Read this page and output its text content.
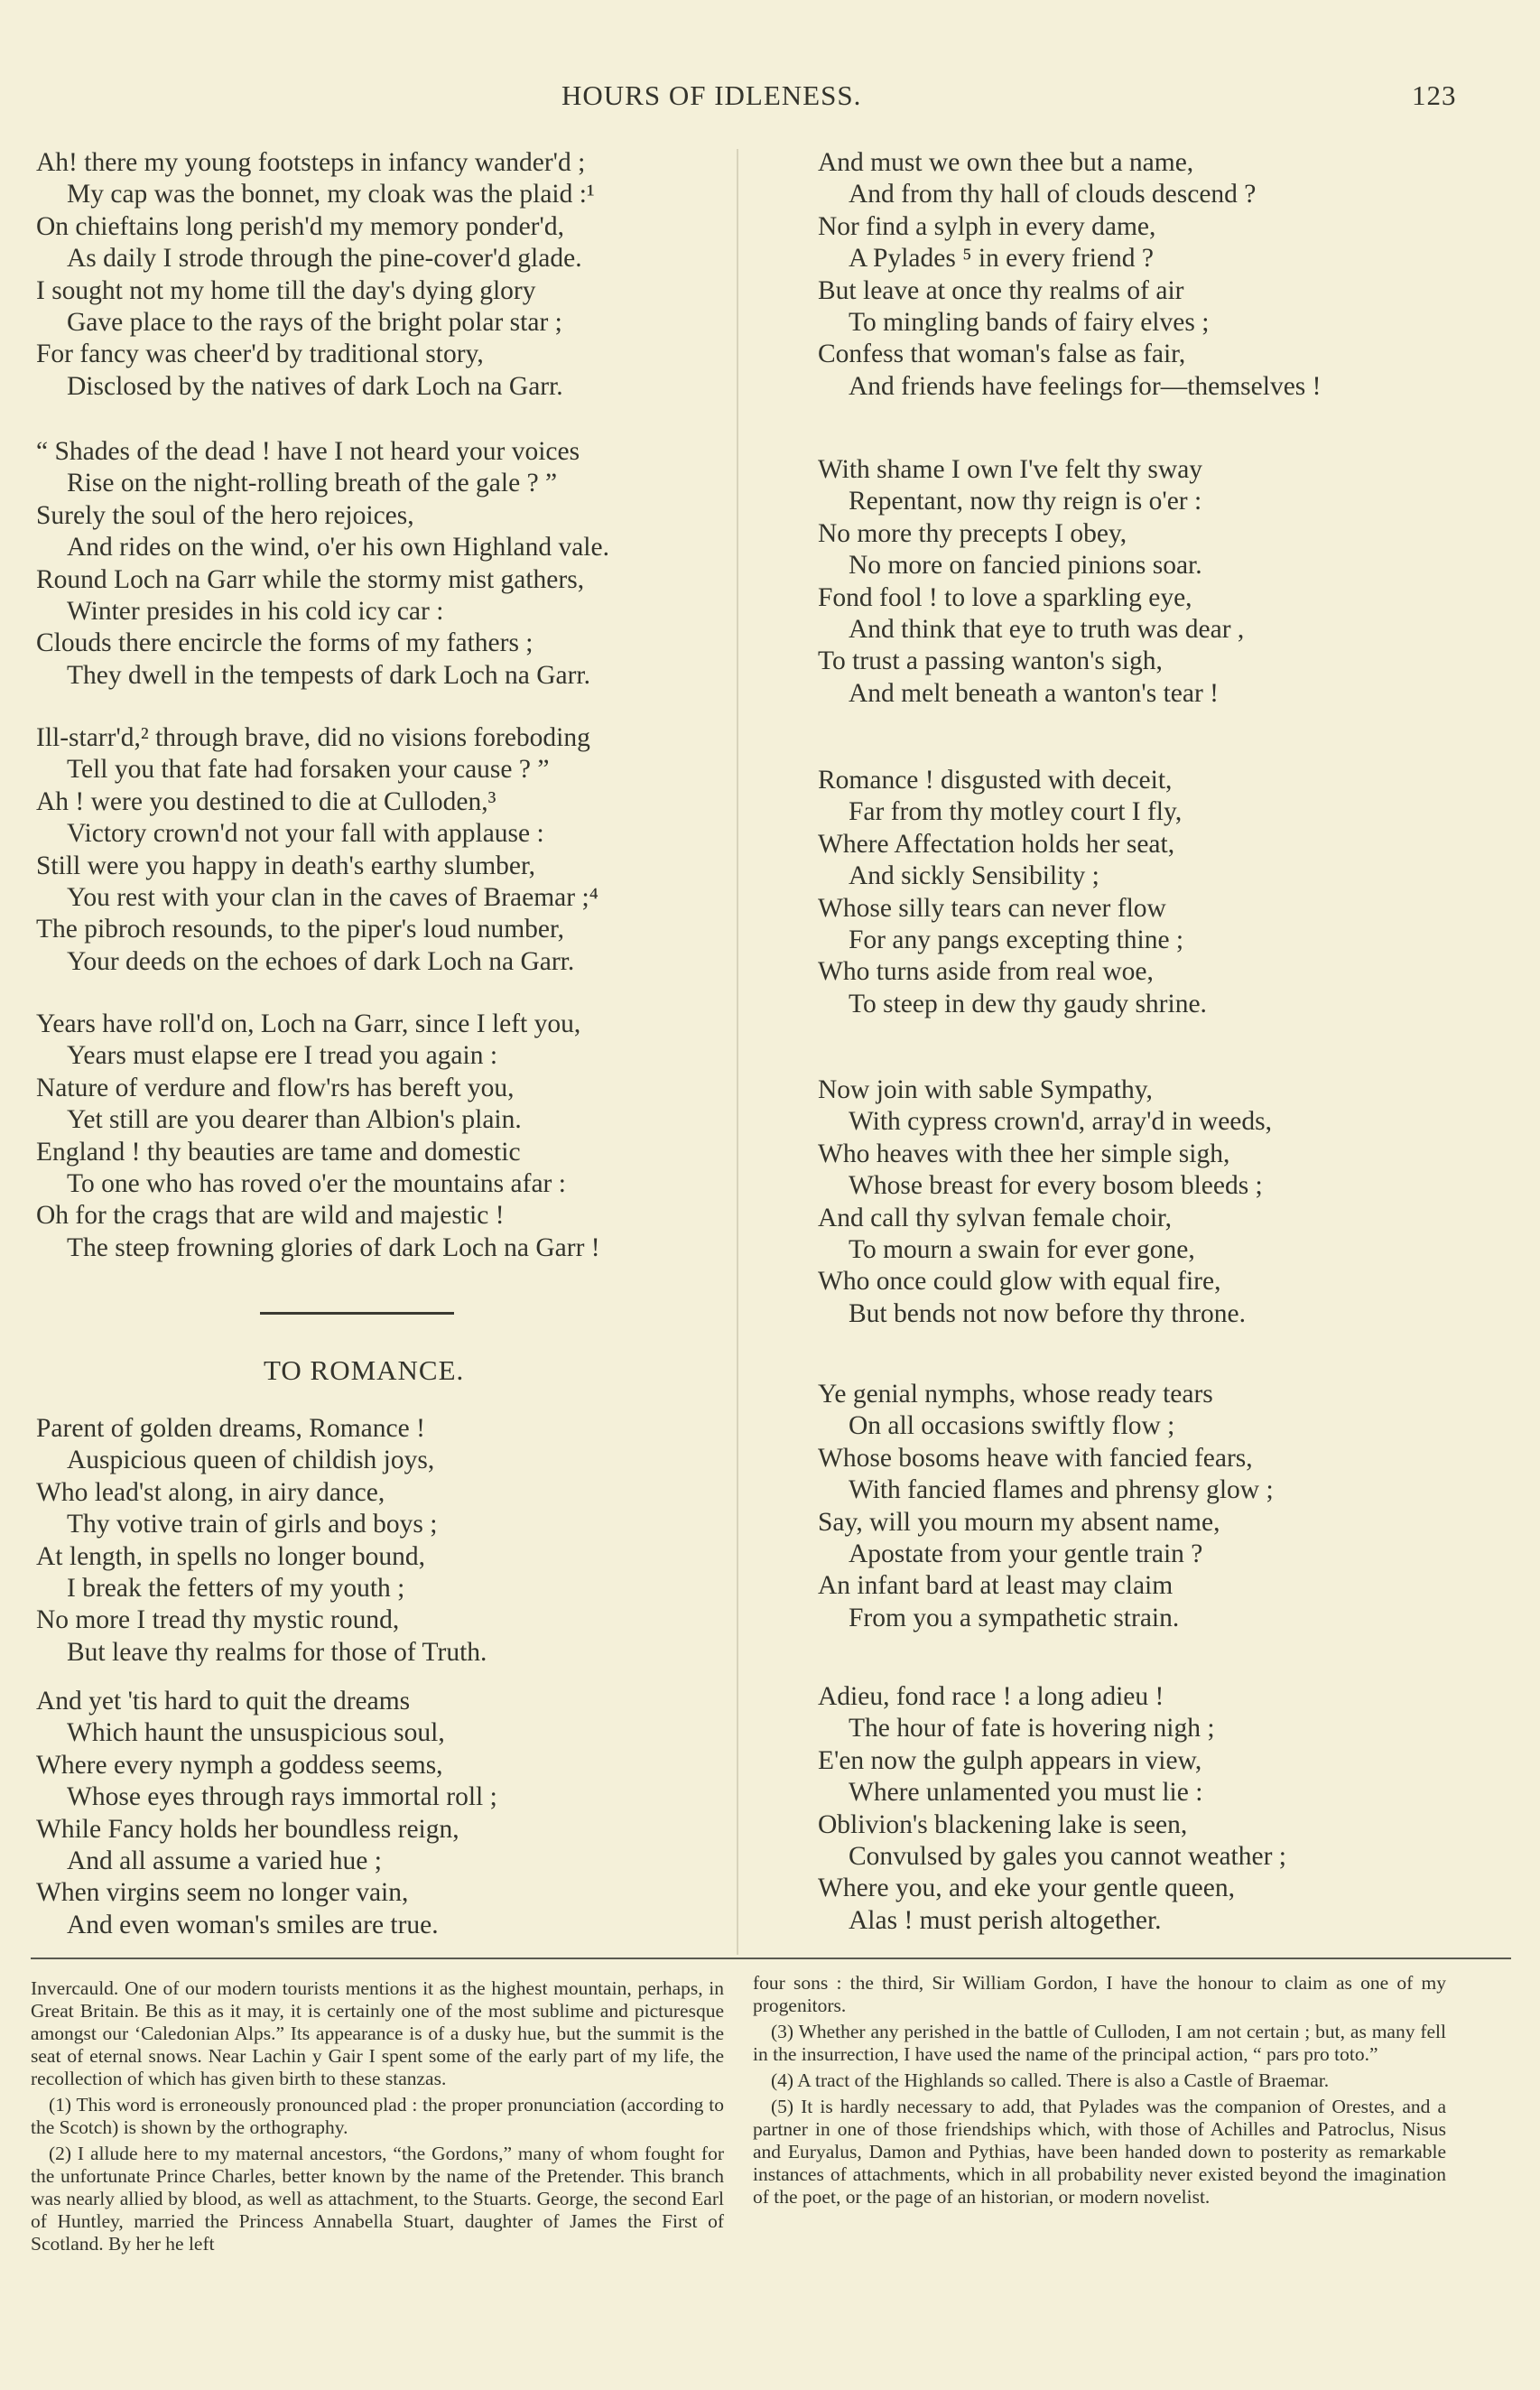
HOURS OF IDLENESS.	123
Ah! there my young footsteps in infancy wander'd ;
My cap was the bonnet, my cloak was the plaid :¹
On chieftains long perish'd my memory ponder'd,
As daily I strode through the pine-cover'd glade.
I sought not my home till the day's dying glory
Gave place to the rays of the bright polar star ;
For fancy was cheer'd by traditional story,
Disclosed by the natives of dark Loch na Garr.
“ Shades of the dead ! have I not heard your voices
Rise on the night-rolling breath of the gale ? ”
Surely the soul of the hero rejoices,
And rides on the wind, o'er his own Highland vale.
Round Loch na Garr while the stormy mist gathers,
Winter presides in his cold icy car :
Clouds there encircle the forms of my fathers ;
They dwell in the tempests of dark Loch na Garr.
Ill-starr'd,² through brave, did no visions foreboding
Tell you that fate had forsaken your cause ? ”
Ah ! were you destined to die at Culloden,³
Victory crown'd not your fall with applause :
Still were you happy in death's earthy slumber,
You rest with your clan in the caves of Braemar ;⁴
The pibroch resounds, to the piper's loud number,
Your deeds on the echoes of dark Loch na Garr.
Years have roll'd on, Loch na Garr, since I left you,
Years must elapse ere I tread you again :
Nature of verdure and flow'rs has bereft you,
Yet still are you dearer than Albion's plain.
England ! thy beauties are tame and domestic
To one who has roved o'er the mountains afar :
Oh for the crags that are wild and majestic !
The steep frowning glories of dark Loch na Garr !
Parent of golden dreams, Romance !
Auspicious queen of childish joys,
Who lead'st along, in airy dance,
Thy votive train of girls and boys ;
At length, in spells no longer bound,
I break the fetters of my youth ;
No more I tread thy mystic round,
But leave thy realms for those of Truth.
And yet 'tis hard to quit the dreams
Which haunt the unsuspicious soul,
Where every nymph a goddess seems,
Whose eyes through rays immortal roll ;
While Fancy holds her boundless reign,
And all assume a varied hue ;
When virgins seem no longer vain,
And even woman's smiles are true.
And must we own thee but a name,
And from thy hall of clouds descend ?
Nor find a sylph in every dame,
A Pylades ⁵ in every friend ?
But leave at once thy realms of air
To mingling bands of fairy elves ;
Confess that woman's false as fair,
And friends have feelings for—themselves !
With shame I own I've felt thy sway
Repentant, now thy reign is o'er :
No more thy precepts I obey,
No more on fancied pinions soar.
Fond fool ! to love a sparkling eye,
And think that eye to truth was dear ,
To trust a passing wanton's sigh,
And melt beneath a wanton's tear !
Romance ! disgusted with deceit,
Far from thy motley court I fly,
Where Affectation holds her seat,
And sickly Sensibility ;
Whose silly tears can never flow
For any pangs excepting thine ;
Who turns aside from real woe,
To steep in dew thy gaudy shrine.
Now join with sable Sympathy,
With cypress crown'd, array'd in weeds,
Who heaves with thee her simple sigh,
Whose breast for every bosom bleeds ;
And call thy sylvan female choir,
To mourn a swain for ever gone,
Who once could glow with equal fire,
But bends not now before thy throne.
Ye genial nymphs, whose ready tears
On all occasions swiftly flow ;
Whose bosoms heave with fancied fears,
With fancied flames and phrensy glow ;
Say, will you mourn my absent name,
Apostate from your gentle train ?
An infant bard at least may claim
From you a sympathetic strain.
Adieu, fond race ! a long adieu !
The hour of fate is hovering nigh ;
E'en now the gulph appears in view,
Where unlamented you must lie :
Oblivion's blackening lake is seen,
Convulsed by gales you cannot weather ;
Where you, and eke your gentle queen,
Alas ! must perish altogether.
TO ROMANCE.

Invercauld. One of our modern tourists mentions it as the highest mountain, perhaps, in Great Britain. Be this as it may, it is certainly one of the most sublime and picturesque amongst our ‘Caledonian Alps.” Its appearance is of a dusky hue, but the summit is the seat of eternal snows. Near Lachin y Gair I spent some of the early part of my life, the recollection of which has given birth to these stanzas.

(1) This word is erroneously pronounced plad : the proper pronunciation (according to the Scotch) is shown by the orthography.

(2) I allude here to my maternal ancestors, “the Gordons,” many of whom fought for the unfortunate Prince Charles, better known by the name of the Pretender. This branch was nearly allied by blood, as well as attachment, to the Stuarts. George, the second Earl of Huntley, married the Princess Annabella Stuart, daughter of James the First of Scotland. By her he left

four sons : the third, Sir William Gordon, I have the honour to claim as one of my progenitors.

(3) Whether any perished in the battle of Culloden, I am not certain ; but, as many fell in the insurrection, I have used the name of the principal action, “ pars pro toto.”

(4) A tract of the Highlands so called. There is also a Castle of Braemar.

(5) It is hardly necessary to add, that Pylades was the companion of Orestes, and a partner in one of those friendships which, with those of Achilles and Patroclus, Nisus and Euryalus, Damon and Pythias, have been handed down to posterity as remarkable instances of attachments, which in all probability never existed beyond the imagination of the poet, or the page of an historian, or modern novelist.
